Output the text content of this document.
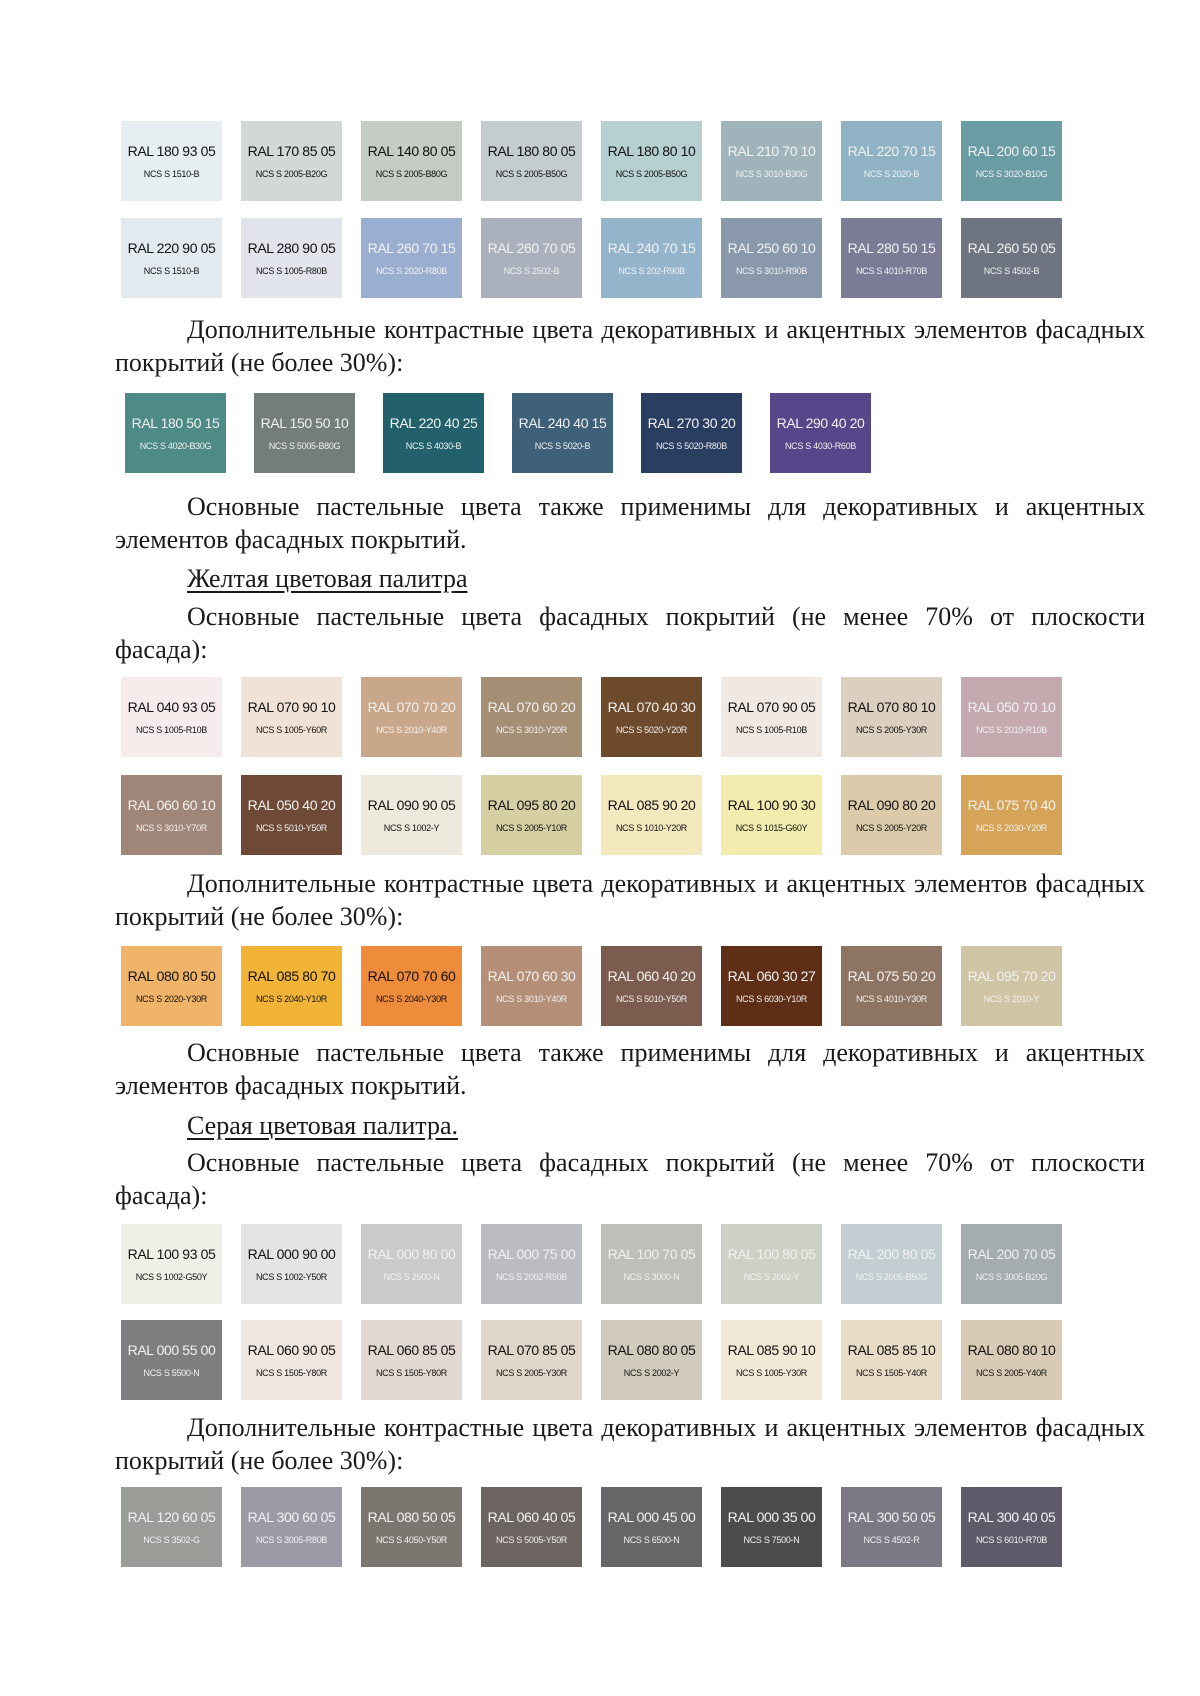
RAL 180 93 05
NCS S 1510-B
RAL 170 85 05
NCS S 2005-B20G
RAL 140 80 05
NCS S 2005-B80G
RAL 180 80 05
NCS S 2005-B50G
RAL 180 80 10
NCS S 2005-B50G
RAL 210 70 10
NCS S 3010-B30G
RAL 220 70 15
NCS S 2020-B
RAL 200 60 15
NCS S 3020-B10G
RAL 220 90 05
NCS S 1510-B
RAL 280 90 05
NCS S 1005-R80B
RAL 260 70 15
NCS S 2020-R80B
RAL 260 70 05
NCS S 2502-B
RAL 240 70 15
NCS S 202-R90B
RAL 250 60 10
NCS S 3010-R90B
RAL 280 50 15
NCS S 4010-R70B
RAL 260 50 05
NCS S 4502-B

Дополнительные контрастные цвета декоративных и акцентных элементов фасадных покрытий (не более 30%):

RAL 180 50 15
NCS S 4020-B30G
RAL 150 50 10
NCS S 5005-B80G
RAL 220 40 25
NCS S 4030-B
RAL 240 40 15
NCS S 5020-B
RAL 270 30 20
NCS S 5020-R80B
RAL 290 40 20
NCS S 4030-R60B

Основные пастельные цвета также применимы для декоративных и акцентных элементов фасадных покрытий.

Желтая цветовая палитра

Основные пастельные цвета фасадных покрытий (не менее 70% от плоскости фасада):

RAL 040 93 05
NCS S 1005-R10B
RAL 070 90 10
NCS S 1005-Y60R
RAL 070 70 20
NCS S 2010-Y40R
RAL 070 60 20
NCS S 3010-Y20R
RAL 070 40 30
NCS S 5020-Y20R
RAL 070 90 05
NCS S 1005-R10B
RAL 070 80 10
NCS S 2005-Y30R
RAL 050 70 10
NCS S 2010-R10B
RAL 060 60 10
NCS S 3010-Y70R
RAL 050 40 20
NCS S 5010-Y50R
RAL 090 90 05
NCS S 1002-Y
RAL 095 80 20
NCS S 2005-Y10R
RAL 085 90 20
NCS S 1010-Y20R
RAL 100 90 30
NCS S 1015-G60Y
RAL 090 80 20
NCS S 2005-Y20R
RAL 075 70 40
NCS S 2030-Y20R

Дополнительные контрастные цвета декоративных и акцентных элементов фасадных покрытий (не более 30%):

RAL 080 80 50
NCS S 2020-Y30R
RAL 085 80 70
NCS S 2040-Y10R
RAL 070 70 60
NCS S 2040-Y30R
RAL 070 60 30
NCS S 3010-Y40R
RAL 060 40 20
NCS S 5010-Y50R
RAL 060 30 27
NCS S 6030-Y10R
RAL 075 50 20
NCS S 4010-Y30R
RAL 095 70 20
NCS S 2010-Y

Основные пастельные цвета также применимы для декоративных и акцентных элементов фасадных покрытий.

Серая цветовая палитра.

Основные пастельные цвета фасадных покрытий (не менее 70% от плоскости фасада):

RAL 100 93 05
NCS S 1002-G50Y
RAL 000 90 00
NCS S 1002-Y50R
RAL 000 80 00
NCS S 2500-N
RAL 000 75 00
NCS S 2002-R50B
RAL 100 70 05
NCS S 3000-N
RAL 100 80 05
NCS S 2002-Y
RAL 200 80 05
NCS S 2005-B50G
RAL 200 70 05
NCS S 3005-B20G
RAL 000 55 00
NCS S 5500-N
RAL 060 90 05
NCS S 1505-Y80R
RAL 060 85 05
NCS S 1505-Y80R
RAL 070 85 05
NCS S 2005-Y30R
RAL 080 80 05
NCS S 2002-Y
RAL 085 90 10
NCS S 1005-Y30R
RAL 085 85 10
NCS S 1505-Y40R
RAL 080 80 10
NCS S 2005-Y40R

Дополнительные контрастные цвета декоративных и акцентных элементов фасадных покрытий (не более 30%):

RAL 120 60 05
NCS S 3502-G
RAL 300 60 05
NCS S 3005-R80B
RAL 080 50 05
NCS S 4050-Y50R
RAL 060 40 05
NCS S 5005-Y50R
RAL 000 45 00
NCS S 6500-N
RAL 000 35 00
NCS S 7500-N
RAL 300 50 05
NCS S 4502-R
RAL 300 40 05
NCS S 6010-R70B
